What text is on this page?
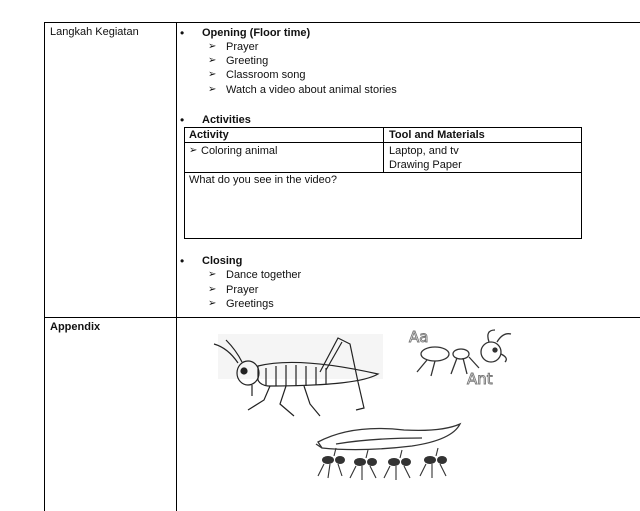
Langkah Kegiatan
Appendix
• Opening (Floor time)
➢ Prayer
➢ Greeting
➢ Classroom song
➢ Watch a video about animal stories
• Activities
Activity	Tool and Materials
➢ Coloring animal	Laptop, and tv
Drawing Paper
What do you see in the video?
• Closing
➢ Dance together
➢ Prayer
➢ Greetings
Aa
Ant
